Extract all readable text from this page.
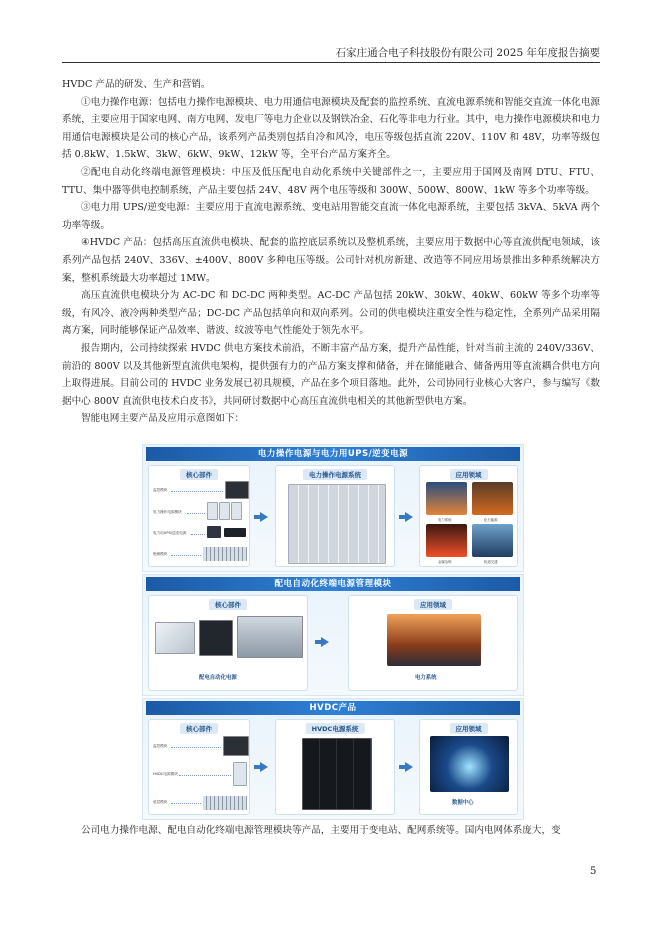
石家庄通合电子科技股份有限公司 2025 年年度报告摘要

HVDC 产品的研发、生产和营销。

①电力操作电源：包括电力操作电源模块、电力用通信电源模块及配套的监控系统、直流电源系统和智能交直流一体化电源系统，主要应用于国家电网、南方电网、发电厂等电力企业以及钢铁冶金、石化等非电力行业。其中，电力操作电源模块和电力用通信电源模块是公司的核心产品，该系列产品类别包括自冷和风冷，电压等级包括直流 220V、110V 和 48V，功率等级包括 0.8kW、1.5kW、3kW、6kW、9kW、12kW 等，全平台产品方案齐全。

②配电自动化终端电源管理模块：中压及低压配电自动化系统中关键部件之一，主要应用于国网及南网 DTU、FTU、TTU、集中器等供电控制系统，产品主要包括 24V、48V 两个电压等级和 300W、500W、800W、1kW 等多个功率等级。

③电力用 UPS/逆变电源：主要应用于直流电源系统、变电站用智能交直流一体化电源系统，主要包括 3kVA、5kVA 两个功率等级。

④HVDC 产品：包括高压直流供电模块、配套的监控底层系统以及整机系统，主要应用于数据中心等直流供配电领域，该系列产品包括 240V、336V、±400V、800V 多种电压等级。公司针对机房新建、改造等不同应用场景推出多种系统解决方案，整机系统最大功率超过 1MW。

高压直流供电模块分为 AC-DC 和 DC-DC 两种类型。AC-DC 产品包括 20kW、30kW、40kW、60kW 等多个功率等级，有风冷、液冷两种类型产品；DC-DC 产品包括单向和双向系列。公司的供电模块注重安全性与稳定性，全系列产品采用隔离方案，同时能够保证产品效率、谐波、纹波等电气性能处于领先水平。

报告期内，公司持续探索 HVDC 供电方案技术前沿，不断丰富产品方案，提升产品性能，针对当前主流的 240V/336V、前沿的 800V 以及其他新型直流供电架构，提供强有力的产品方案支撑和储备，并在储能融合、储备两用等直流耦合供电方向上取得进展。目前公司的 HVDC 业务发展已初具规模，产品在多个项目落地。此外，公司协同行业核心大客户，参与编写《数据中心 800V 直流供电技术白皮书》，共同研讨数据中心高压直流供电相关的其他新型供电方案。

智能电网主要产品及应用示意图如下：

电力操作电源与电力用UPS/逆变电源
核心部件
监控模块
电力操作电源模块
电力用UPS/逆变电源
绝缘模块
电力操作电源系统	应用领域
电力系统	化石能源
金属冶炼	轨道交通
配电自动化终端电源管理模块
核心部件
配电自动化电源
应用领域
电力系统
HVDC产品
核心部件
监控模块
HVDC电源模块
底层模块
HVDC电源系统	应用领域
数据中心

公司电力操作电源、配电自动化终端电源管理模块等产品，主要用于变电站、配网系统等。国内电网体系庞大，变

5
